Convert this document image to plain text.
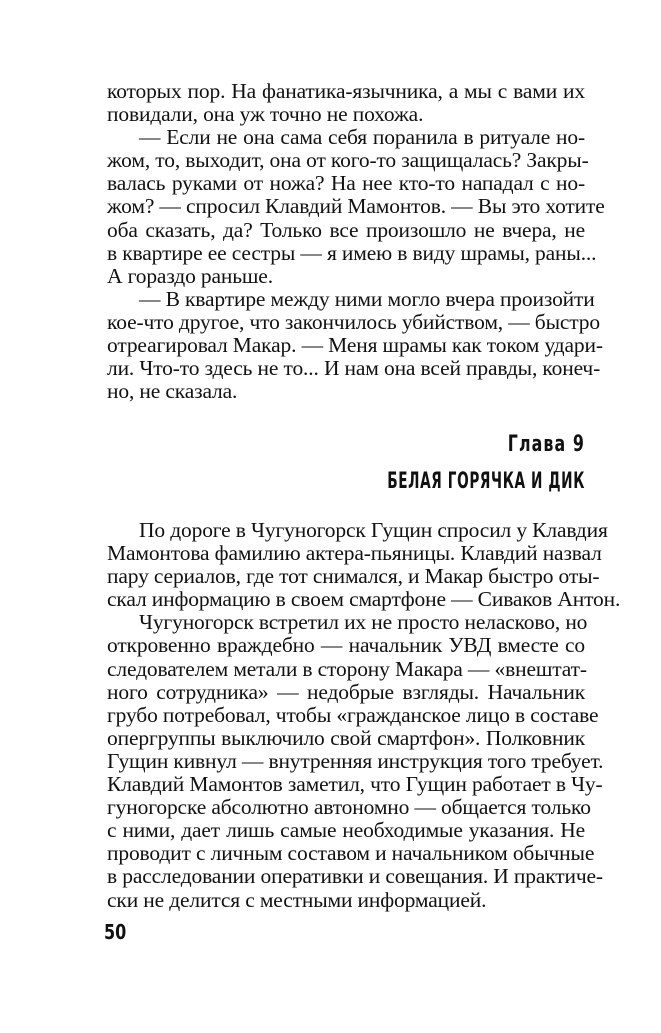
которых пор. На фанатика-язычника, а мы с вами их
повидали, она уж точно не похожа.
— Если не она сама себя поранила в ритуале но-
жом, то, выходит, она от кого-то защищалась? Закры-
валась руками от ножа? На нее кто-то нападал с но-
жом? — спросил Клавдий Мамонтов. — Вы это хотите
оба сказать, да? Только все произошло не вчера, не
в квартире ее сестры — я имею в виду шрамы, раны...
А гораздо раньше.
— В квартире между ними могло вчера произойти
кое-что другое, что закончилось убийством, — быстро
отреагировал Макар. — Меня шрамы как током удари-
ли. Что-то здесь не то... И нам она всей правды, конеч-
но, не сказала.
Глава 9
БЕЛАЯ ГОРЯЧКА И ДИК
По дороге в Чугуногорск Гущин спросил у Клавдия
Мамонтова фамилию актера-пьяницы. Клавдий назвал
пару сериалов, где тот снимался, и Макар быстро оты-
скал информацию в своем смартфоне — Сиваков Антон.
Чугуногорск встретил их не просто неласково, но
откровенно враждебно — начальник УВД вместе со
следователем метали в сторону Макара — «внештат-
ного сотрудника» — недобрые взгляды. Начальник
грубо потребовал, чтобы «гражданское лицо в составе
опергруппы выключило свой смартфон». Полковник
Гущин кивнул — внутренняя инструкция того требует.
Клавдий Мамонтов заметил, что Гущин работает в Чу-
гуногорске абсолютно автономно — общается только
с ними, дает лишь самые необходимые указания. Не
проводит с личным составом и начальником обычные
в расследовании оперативки и совещания. И практиче-
ски не делится с местными информацией.
50
